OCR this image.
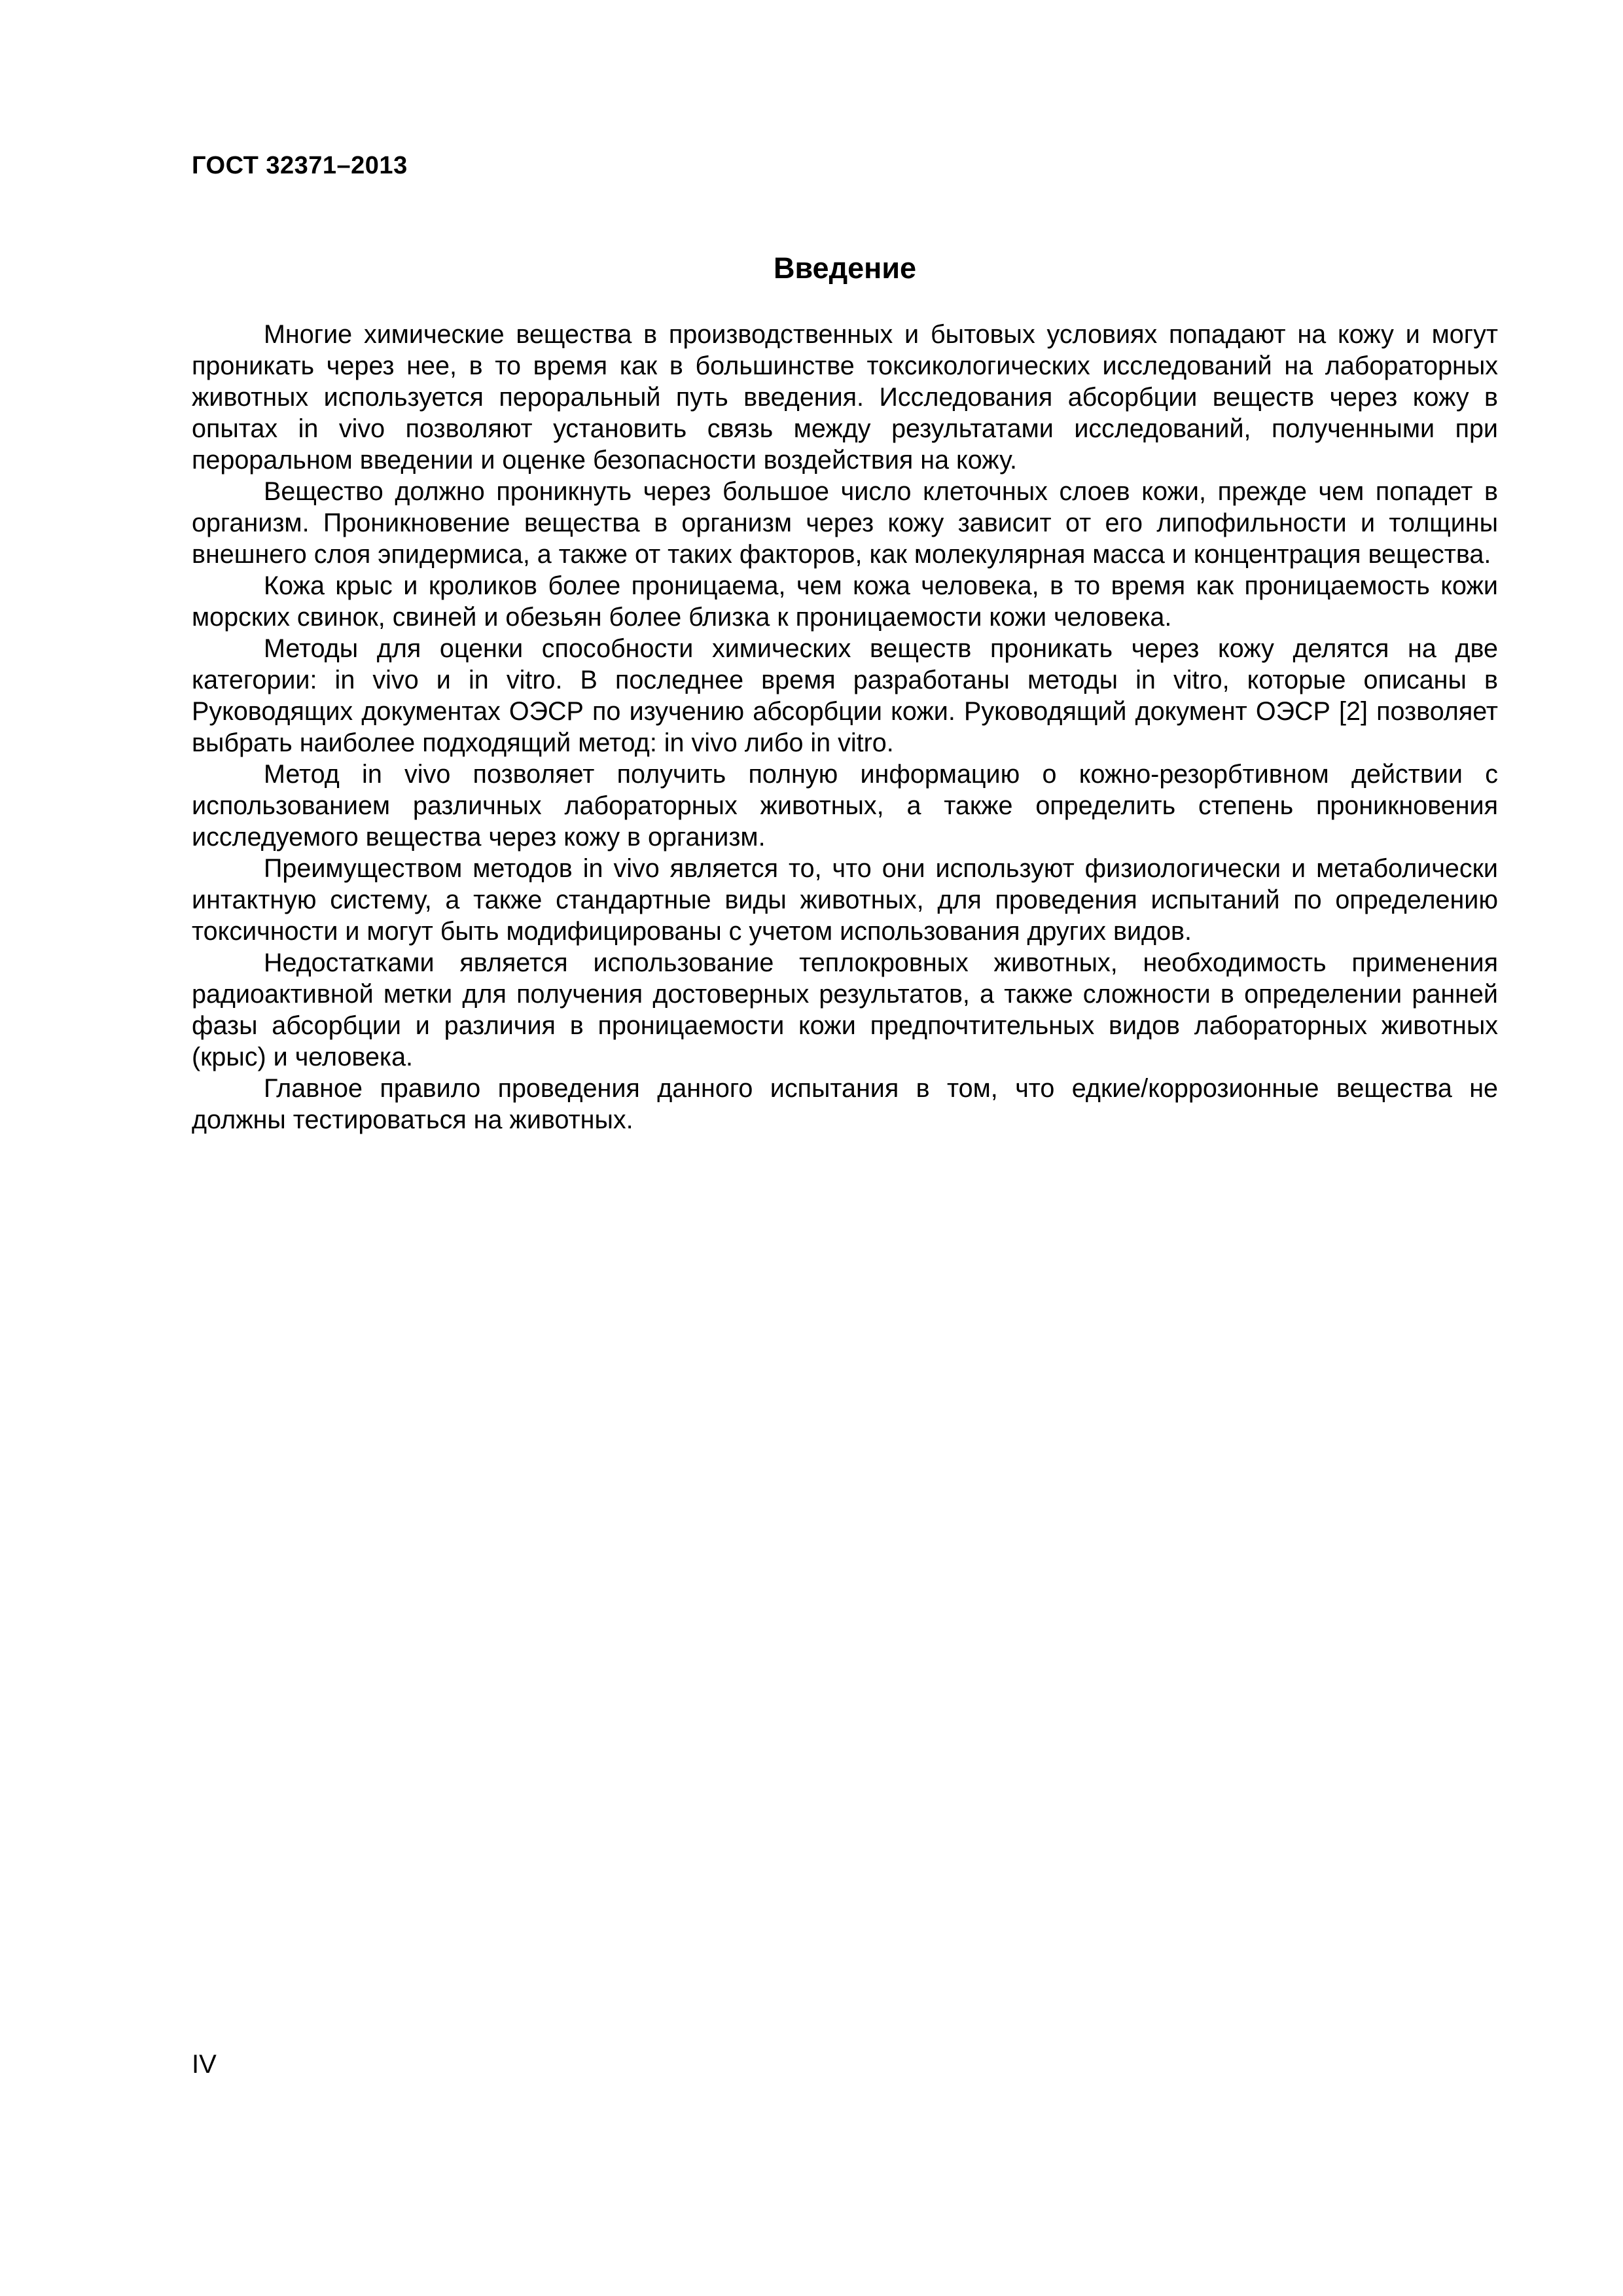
ГОСТ 32371–2013

Введение

Многие химические вещества в производственных и бытовых условиях попадают на кожу и могут проникать через нее, в то время как в большинстве токсикологических исследований на лабораторных животных используется пероральный путь введения. Исследования абсорбции веществ через кожу в опытах in vivo позволяют установить связь между результатами исследований, полученными при пероральном введении и оценке безопасности воздействия на кожу.

Вещество должно проникнуть через большое число клеточных слоев кожи, прежде чем попадет в организм. Проникновение вещества в организм через кожу зависит от его липофильности и толщины внешнего слоя эпидермиса, а также от таких факторов, как молекулярная масса и концентрация вещества.

Кожа крыс и кроликов более проницаема, чем кожа человека, в то время как проницаемость кожи морских свинок, свиней и обезьян более близка к проницаемости кожи человека.

Методы для оценки способности химических веществ проникать через кожу делятся на две категории: in vivo и in vitro. В последнее время разработаны методы in vitro, которые описаны в Руководящих документах ОЭСР по изучению абсорбции кожи. Руководящий документ ОЭСР [2] позволяет выбрать наиболее подходящий метод: in vivo либо in vitro.

Метод in vivo позволяет получить полную информацию о кожно-резорбтивном действии с использованием различных лабораторных животных, а также определить степень проникновения исследуемого вещества через кожу в организм.

Преимуществом методов in vivo является то, что они используют физиологически и метаболически интактную систему, а также стандартные виды животных, для проведения испытаний по определению токсичности и могут быть модифицированы с учетом использования других видов.

Недостатками является использование теплокровных животных, необходимость применения радиоактивной метки для получения достоверных результатов, а также сложности в определении ранней фазы абсорбции и различия в проницаемости кожи предпочтительных видов лабораторных животных (крыс) и человека.

Главное правило проведения данного испытания в том, что едкие/коррозионные вещества не должны тестироваться на животных.

IV
